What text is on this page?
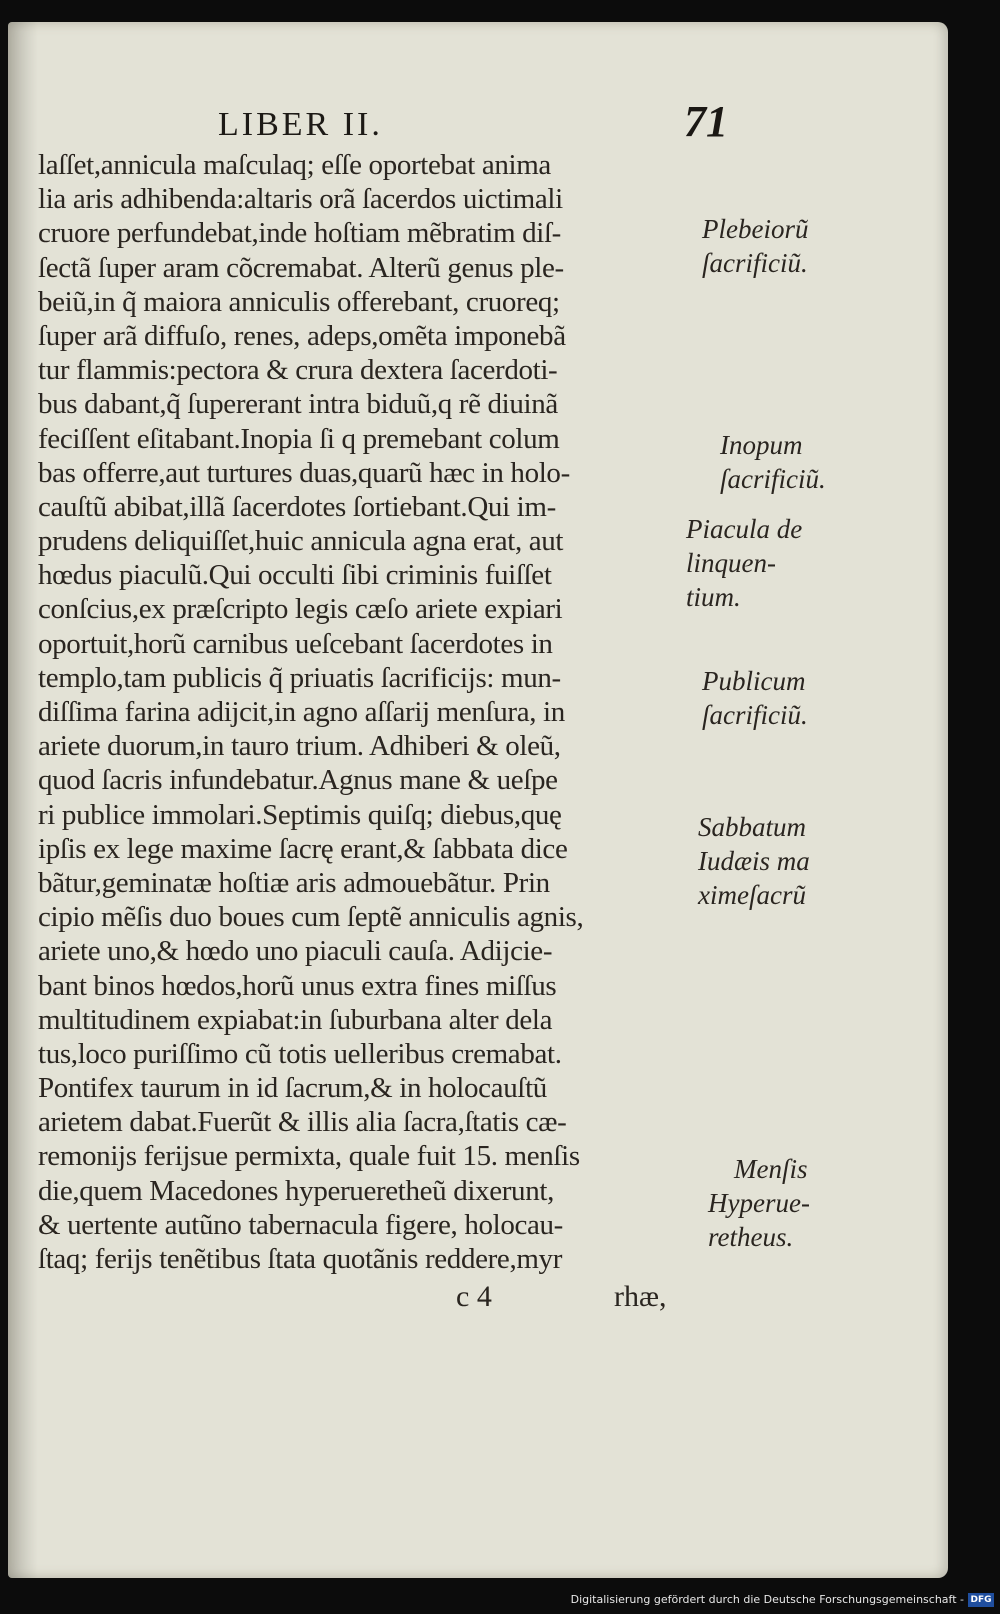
LIBER II.	71
laſſet,annicula maſculaq; eſſe oportebat anima
lia aris adhibenda:altaris orã ſacerdos uictimali
cruore perfundebat,inde hoſtiam mẽbratim diſ-
ſectã ſuper aram cõcremabat. Alterũ genus ple-
beiũ,in q̃ maiora anniculis offerebant, cruoreq;
ſuper arã diffuſo, renes, adeps,omẽta imponebã
tur flammis:pectora & crura dextera ſacerdoti-
bus dabant,q̃ ſupererant intra biduũ,q rẽ diuinã
feciſſent eſitabant.Inopia ſi q premebant colum
bas offerre,aut turtures duas,quarũ hæc in holo-
cauſtũ abibat,illã ſacerdotes ſortiebant.Qui im-
prudens deliquiſſet,huic annicula agna erat, aut
hœdus piaculũ.Qui occulti ſibi criminis fuiſſet
conſcius,ex præſcripto legis cæſo ariete expiari
oportuit,horũ carnibus ueſcebant ſacerdotes in
templo,tam publicis q̃ priuatis ſacrificijs: mun-
diſſima farina adijcit,in agno aſſarij menſura, in
ariete duorum,in tauro trium. Adhiberi & oleũ,
quod ſacris infundebatur.Agnus mane & ueſpe
ri publice immolari.Septimis quiſq; diebus,quę
ipſis ex lege maxime ſacrę erant,& ſabbata dice
bãtur,geminatæ hoſtiæ aris admouebãtur. Prin
cipio mẽſis duo boues cum ſeptẽ anniculis agnis,
ariete uno,& hœdo uno piaculi cauſa. Adijcie-
bant binos hœdos,horũ unus extra fines miſſus
multitudinem expiabat:in ſuburbana alter dela
tus,loco puriſſimo cũ totis uelleribus cremabat.
Pontifex taurum in id ſacrum,& in holocauſtũ
arietem dabat.Fuerũt & illis alia ſacra,ſtatis cæ-
remonijs ferijsue permixta, quale fuit 15. menſis
die,quem Macedones hyperueretheũ dixerunt,
& uertente autũno tabernacula figere, holocau-
ſtaq; ferijs tenẽtibus ſtata quotãnis reddere,myr
Plebeiorũ
ſacrificiũ.
Inopum
ſacrificiũ.
Piacula de
linquen-
tium.
Publicum
ſacrificiũ.
Sabbatum
Iudæis ma
ximeſacrũ
Menſis
Hyperue-
retheus.
c 4	rhæ,
Digitalisierung gefördert durch die Deutsche Forschungsgemeinschaft - DFG
